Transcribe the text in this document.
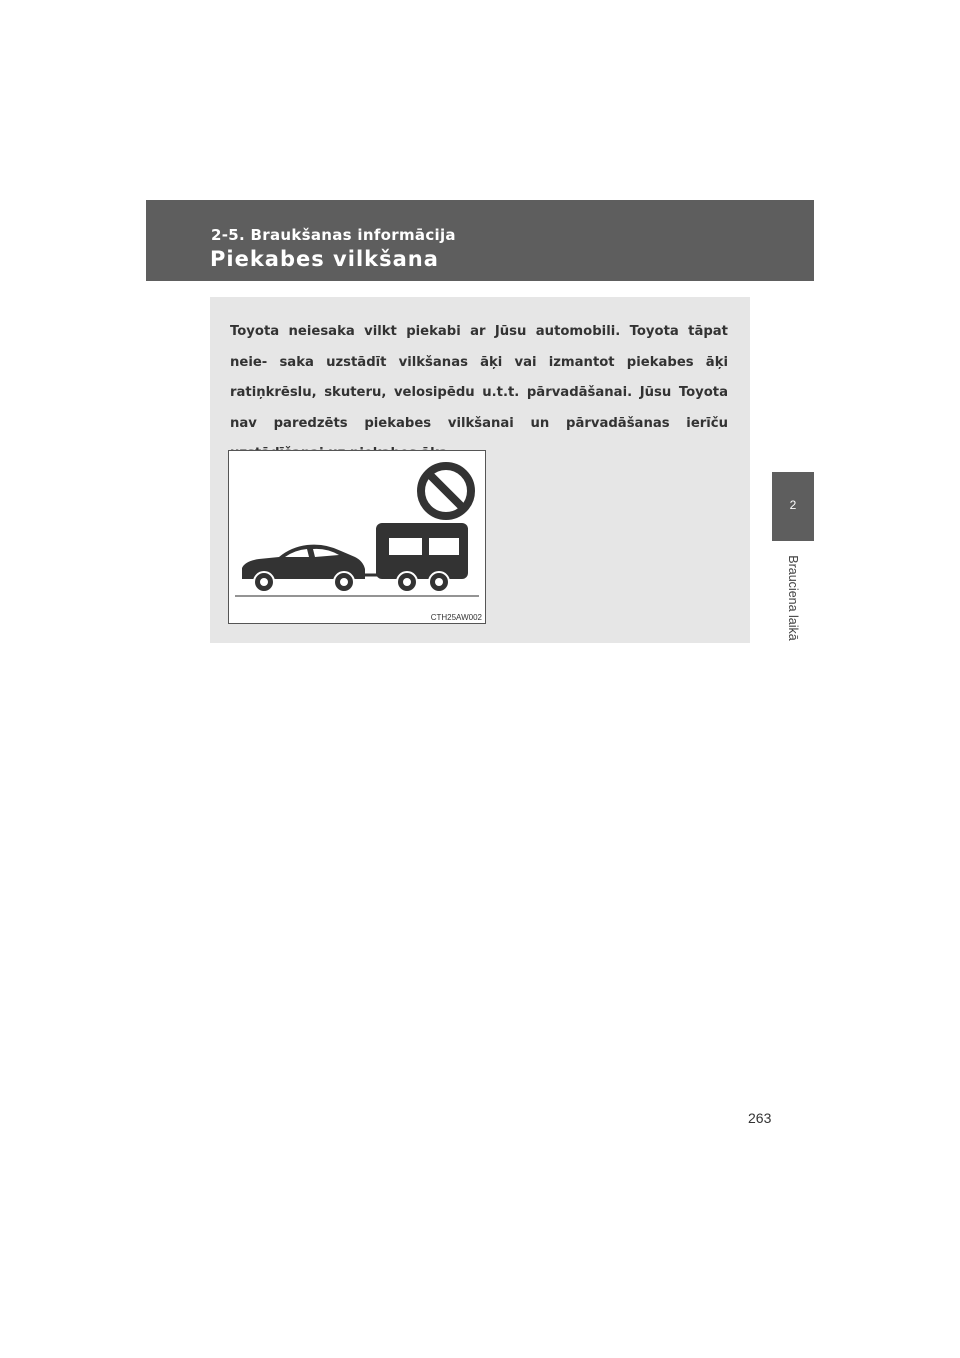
2-5. Braukšanas informācija
Piekabes vilkšana

Toyota neiesaka vilkt piekabi ar Jūsu automobili. Toyota tāpat neie- saka uzstādīt vilkšanas āķi vai izmantot piekabes āķi ratiņkrēslu, skuteru, velosipēdu u.t.t. pārvadāšanai. Jūsu Toyota nav paredzēts piekabes vilkšanai un pārvadāšanas ierīču

CTH25AW002
2
Brauciena laikā
263
